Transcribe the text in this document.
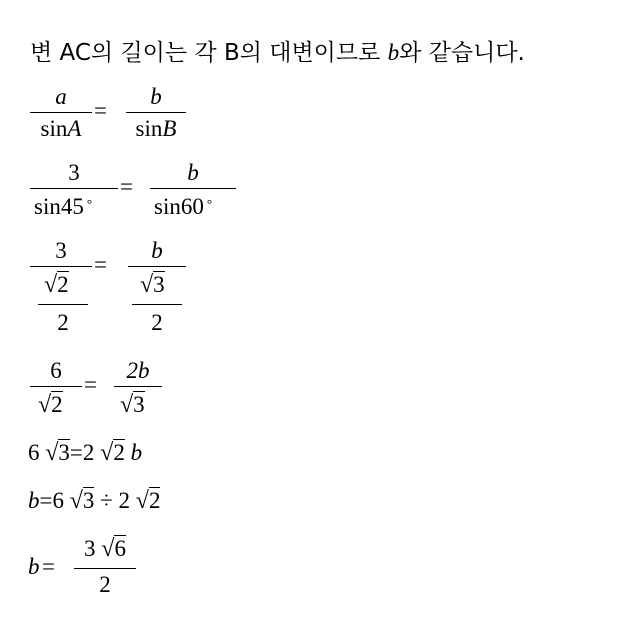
변 AC의 길이는 각 B의 대변이므로 b와 같습니다.
a
sinA
=
b
sinB
3
sin45 °
=
b
sin60 °
3
√2
2
=
b
√3
2
6
√2
=
2b
√3
6 √3=2 √2 b
b=6 √3 ÷ 2 √2
b =
3 √6
2
